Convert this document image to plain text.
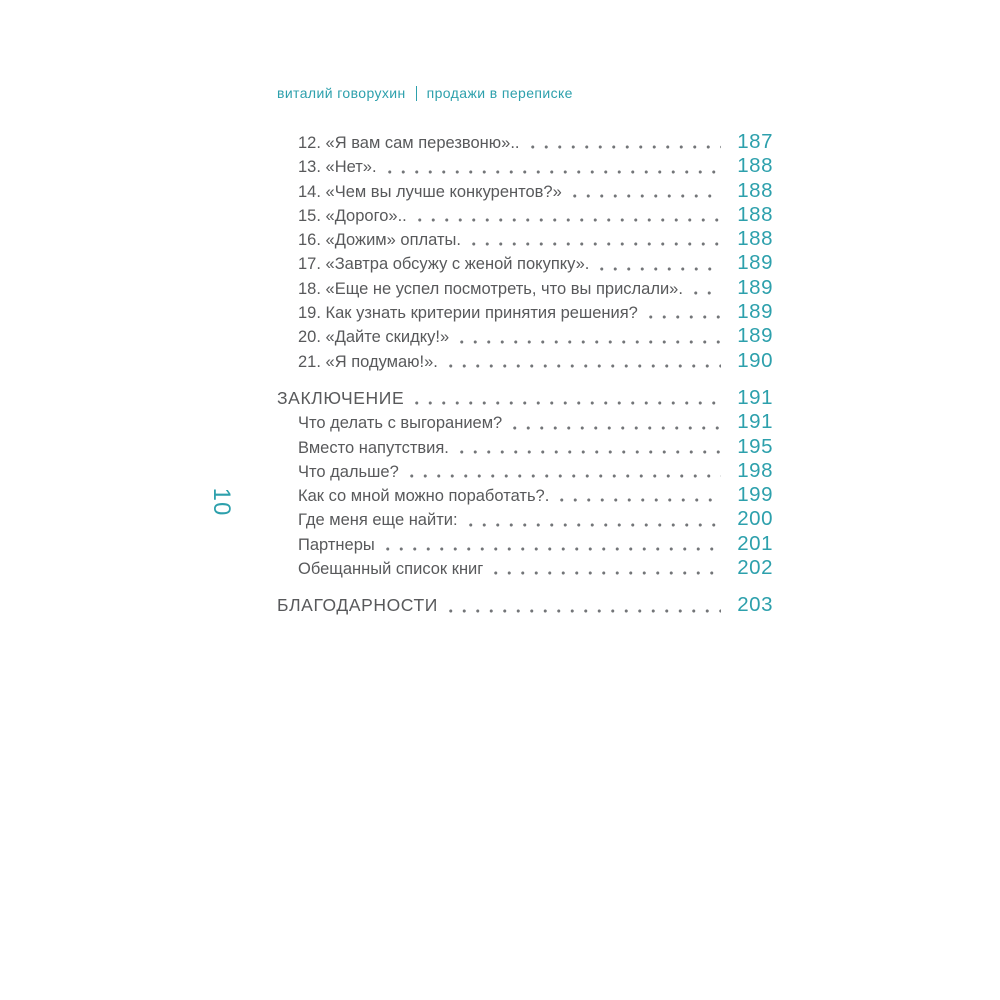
виталий говорухин продажи в переписке
10
12. «Я вам сам перезвоню»..	187
13. «Нет».	188
14. «Чем вы лучше конкурентов?»	188
15. «Дорого»..	188
16. «Дожим» оплаты.	188
17. «Завтра обсужу с женой покупку».	189
18. «Еще не успел посмотреть, что вы прислали».	189
19. Как узнать критерии принятия решения?	189
20. «Дайте скидку!»	189
21. «Я подумаю!».	190
ЗАКЛЮЧЕНИЕ	191
Что делать с выгоранием?	191
Вместо напутствия.	195
Что дальше?	198
Как со мной можно поработать?.	199
Где меня еще найти:	200
Партнеры	201
Обещанный список книг	202
БЛАГОДАРНОСТИ	203
